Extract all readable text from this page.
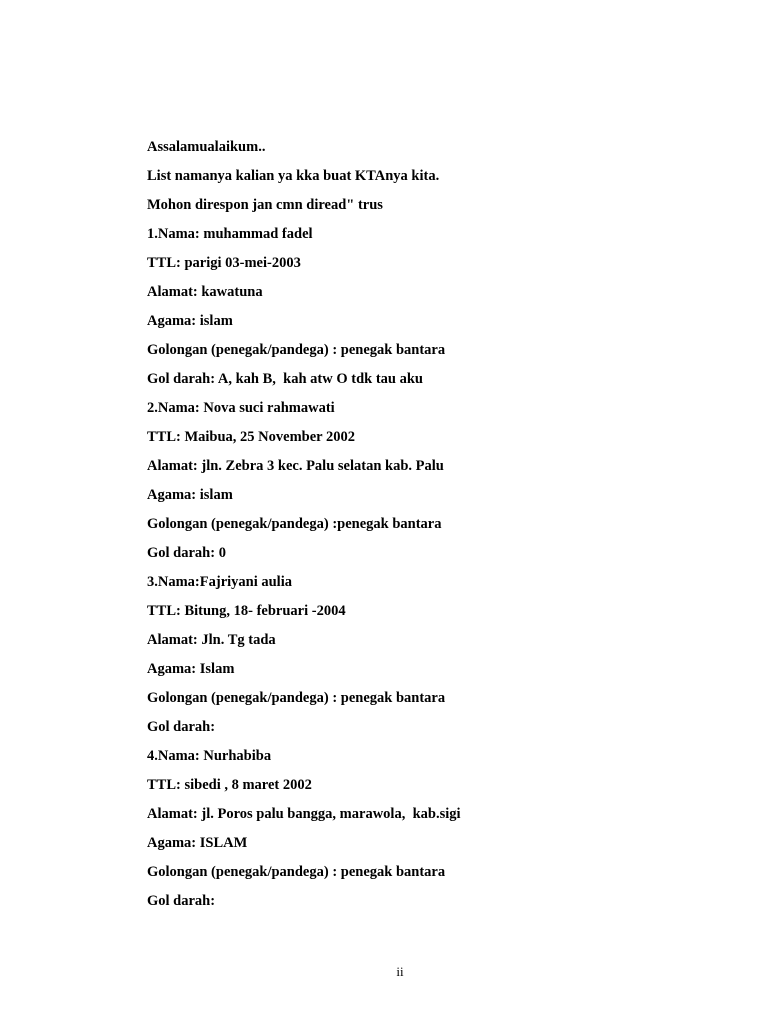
Assalamualaikum..
List namanya kalian ya kka buat KTAnya kita.
Mohon direspon jan cmn diread" trus
1.Nama: muhammad fadel
TTL: parigi 03-mei-2003
Alamat: kawatuna
Agama: islam
Golongan (penegak/pandega) : penegak bantara
Gol darah: A, kah B,  kah atw O tdk tau aku
2.Nama: Nova suci rahmawati
TTL: Maibua, 25 November 2002
Alamat: jln. Zebra 3 kec. Palu selatan kab. Palu
Agama: islam
Golongan (penegak/pandega) :penegak bantara
Gol darah: 0
3.Nama:Fajriyani aulia
TTL: Bitung, 18- februari -2004
Alamat: Jln. Tg tada
Agama: Islam
Golongan (penegak/pandega) : penegak bantara
Gol darah:
4.Nama: Nurhabiba
TTL: sibedi , 8 maret 2002
Alamat: jl. Poros palu bangga, marawola,  kab.sigi
Agama: ISLAM
Golongan (penegak/pandega) : penegak bantara
Gol darah:
ii
